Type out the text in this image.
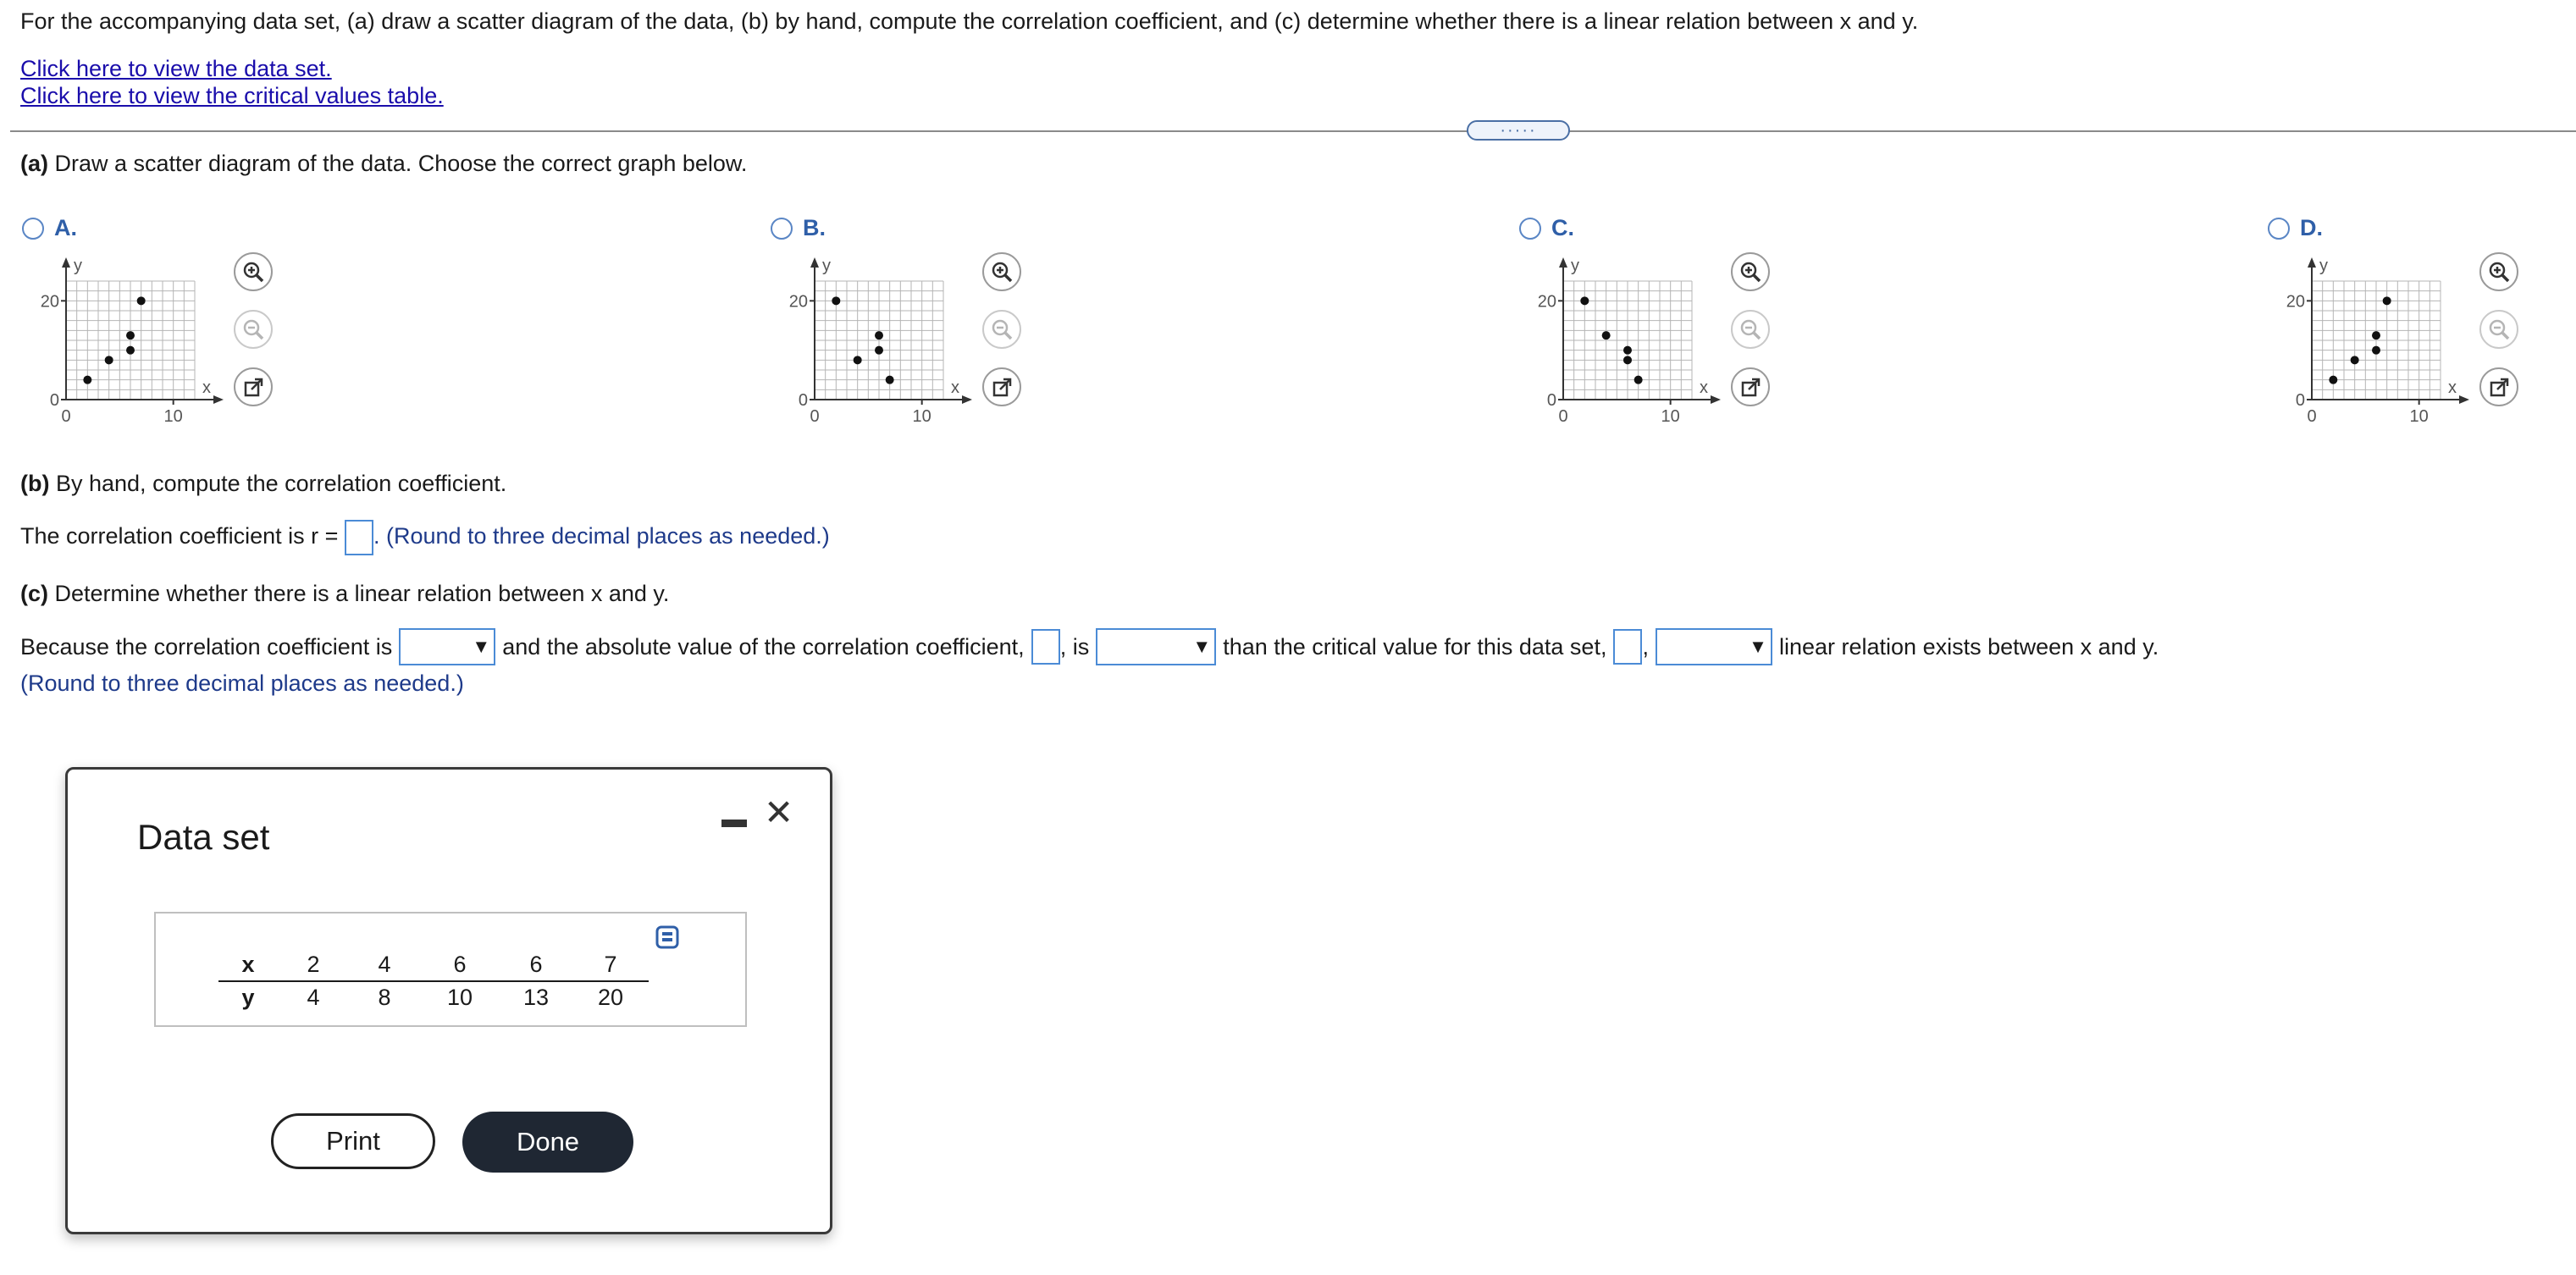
For the accompanying data set, (a) draw a scatter diagram of the data, (b) by hand, compute the correlation coefficient, and (c) determine whether there is a linear relation between x and y.
Click here to view the data set.
Click here to view the critical values table.
·····
(a) Draw a scatter diagram of the data. Choose the correct graph below.
A.
20
0
0	10
x
y
B.
20
0
0	10
x
y
C.
20
0
0	10
x
y
D.
20
0
0	10
x
y
(b) By hand, compute the correlation coefficient.
The correlation coefficient is r = . (Round to three decimal places as needed.)
(c) Determine whether there is a linear relation between x and y.
Because the correlation coefficient is	▼ and the absolute value of the correlation coefficient, , is	▼ than the critical value for this data set, ,	▼ linear relation exists between x and y.
(Round to three decimal places as needed.)
Data set	▬ ✕
x	2	4	6	6	7
y	4	8	10	13	20
Print	Done
